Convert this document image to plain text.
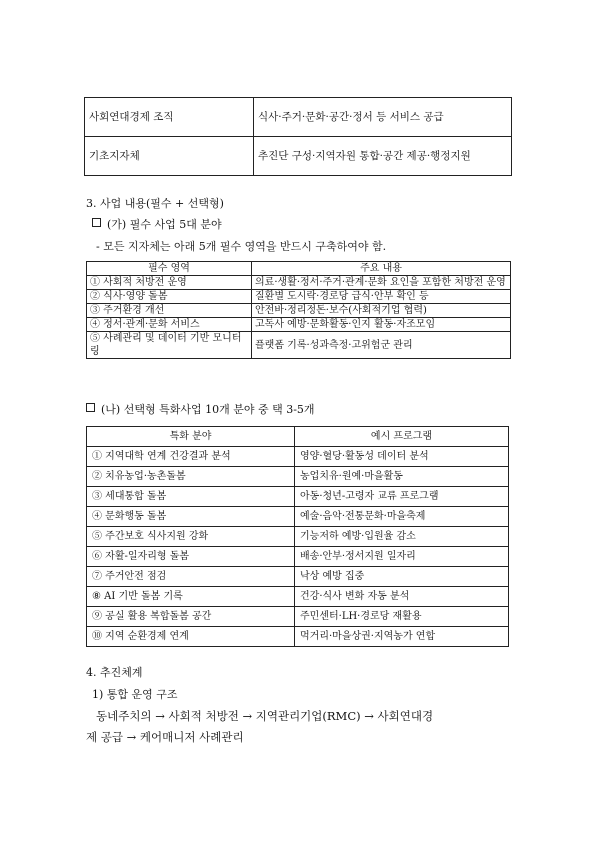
사회연대경제 조직	식사·주거·문화·공간·정서 등 서비스 공급
기초지자체	추진단 구성·지역자원 통합·공간 제공·행정지원
3. 사업 내용(필수 + 선택형)
(가) 필수 사업 5대 분야
- 모든 지자체는 아래 5개 필수 영역을 반드시 구축하여야 함.
필수 영역	주요 내용
① 사회적 처방전 운영	의료·생활·정서·주거·관계·문화 요인을 포함한 처방전 운영
② 식사·영양 돌봄	질환별 도시락·경로당 급식·안부 확인 등
③ 주거환경 개선	안전바·정리정돈·보수(사회적기업 협력)
④ 정서·관계·문화 서비스	고독사 예방·문화활동·인지 활동·자조모임
⑤ 사례관리 및 데이터 기반 모니터링	플랫폼 기록·성과측정·고위험군 관리
(나) 선택형 특화사업 10개 분야 중 택 3-5개
특화 분야	예시 프로그램
① 지역대학 연계 건강결과 분석	영양·혈당·활동성 데이터 분석
② 치유농업·농촌돌봄	농업치유·원예·마을활동
③ 세대통합 돌봄	아동·청년-고령자 교류 프로그램
④ 문화행동 돌봄	예술·음악·전통문화·마을축제
⑤ 주간보호 식사지원 강화	기능저하 예방·입원율 감소
⑥ 자활-일자리형 돌봄	배송·안부·정서지원 일자리
⑦ 주거안전 점검	낙상 예방 집중
⑧ AI 기반 돌봄 기록	건강·식사 변화 자동 분석
⑨ 공실 활용 복합돌봄 공간	주민센터·LH·경로당 재활용
⑩ 지역 순환경제 연계	먹거리·마을상권·지역농가 연합
4. 추진체계
1) 통합 운영 구조
동네주치의 → 사회적 처방전 → 지역관리기업(RMC) → 사회연대경
제 공급 → 케어매니저 사례관리
